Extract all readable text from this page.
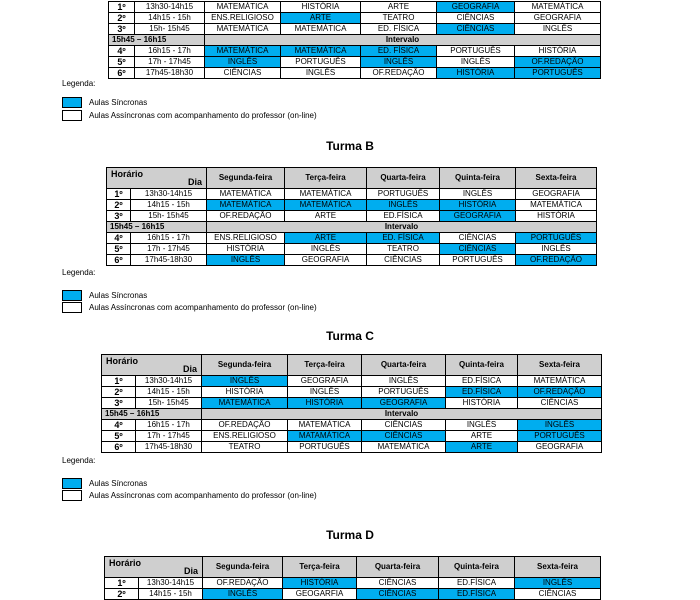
1º	13h30-14h15	MATEMÁTICA	HISTÓRIA	ARTE	GEOGRAFIA	MATEMÁTICA
2º	14h15 - 15h	ENS.RELIGIOSO	ARTE	TEATRO	CIÊNCIAS	GEOGRAFIA
3º	15h- 15h45	MATEMÁTICA	MATEMÁTICA	ED. FÍSICA	CIÊNCIAS	INGLÊS
15h45 – 16h15		Intervalo				
4º	16h15 - 17h	MATEMÁTICA	MATEMÁTICA	ED. FÍSICA	PORTUGUÊS	HISTÓRIA
5º	17h - 17h45	INGLÊS	PORTUGUÊS	INGLÊS	INGLÊS	OF.REDAÇÃO
6º	17h45-18h30	CIÊNCIAS	INGLÊS	OF.REDAÇÃO	HISTÓRIA	PORTUGUÊS
Legenda:
Aulas Síncronas
Aulas Assíncronas com acompanhamento do professor (on-line)
Turma B
Horário
Dia		Segunda-feira	Terça-feira	Quarta-feira	Quinta-feira	Sexta-feira
1º	13h30-14h15	MATEMÁTICA	MATEMÁTICA	PORTUGUÊS	INGLÊS	GEOGRAFIA
2º	14h15 - 15h	MATEMÁTICA	MATEMÁTICA	INGLÊS	HISTÓRIA	MATEMÁTICA
3º	15h- 15h45	OF.REDAÇÃO	ARTE	ED.FÍSICA	GEOGRAFIA	HISTÓRIA
15h45 – 16h15		Intervalo				
4º	16h15 - 17h	ENS.RELIGIOSO	ARTE	ED. FÍSICA	CIÊNCIAS	PORTUGUÊS
5º	17h - 17h45	HISTÓRIA	INGLÊS	TEATRO	CIÊNCIAS	INGLÊS
6º	17h45-18h30	INGLÊS	GEOGRAFIA	CIÊNCIAS	PORTUGUÊS	OF.REDAÇÃO
Legenda:
Aulas Síncronas
Aulas Assíncronas com acompanhamento do professor (on-line)
Turma C
Horário
Dia		Segunda-feira	Terça-feira	Quarta-feira	Quinta-feira	Sexta-feira
1º	13h30-14h15	INGLÊS	GEOGRAFIA	INGLÊS	ED.FÍSICA	MATEMÁTICA
2º	14h15 - 15h	HISTÓRIA	INGLÊS	PORTUGUÊS	ED.FÍSICA	OF.REDAÇÃO
3º	15h- 15h45	MATEMÁTICA	HISTÓRIA	GEOGRAFIA	HISTÓRIA	CIÊNCIAS
15h45 – 16h15		Intervalo				
4º	16h15 - 17h	OF.REDAÇÃO	MATEMÁTICA	CIÊNCIAS	INGLÊS	INGLÊS
5º	17h - 17h45	ENS.RELIGIOSO	MATAMÁTICA	CIÊNCIAS	ARTE	PORTUGUÊS
6º	17h45-18h30	TEATRO	PORTUGUÊS	MATEMÁTICA	ARTE	GEOGRAFIA
Legenda:
Aulas Síncronas
Aulas Assíncronas com acompanhamento do professor (on-line)
Turma D
Horário
Dia		Segunda-feira	Terça-feira	Quarta-feira	Quinta-feira	Sexta-feira
1º	13h30-14h15	OF.REDAÇÃO	HISTÓRIA	CIÊNCIAS	ED.FÍSICA	INGLÊS
2º	14h15 - 15h	INGLÊS	GEOGARFIA	CIÊNCIAS	ED.FÍSICA	CIÊNCIAS
